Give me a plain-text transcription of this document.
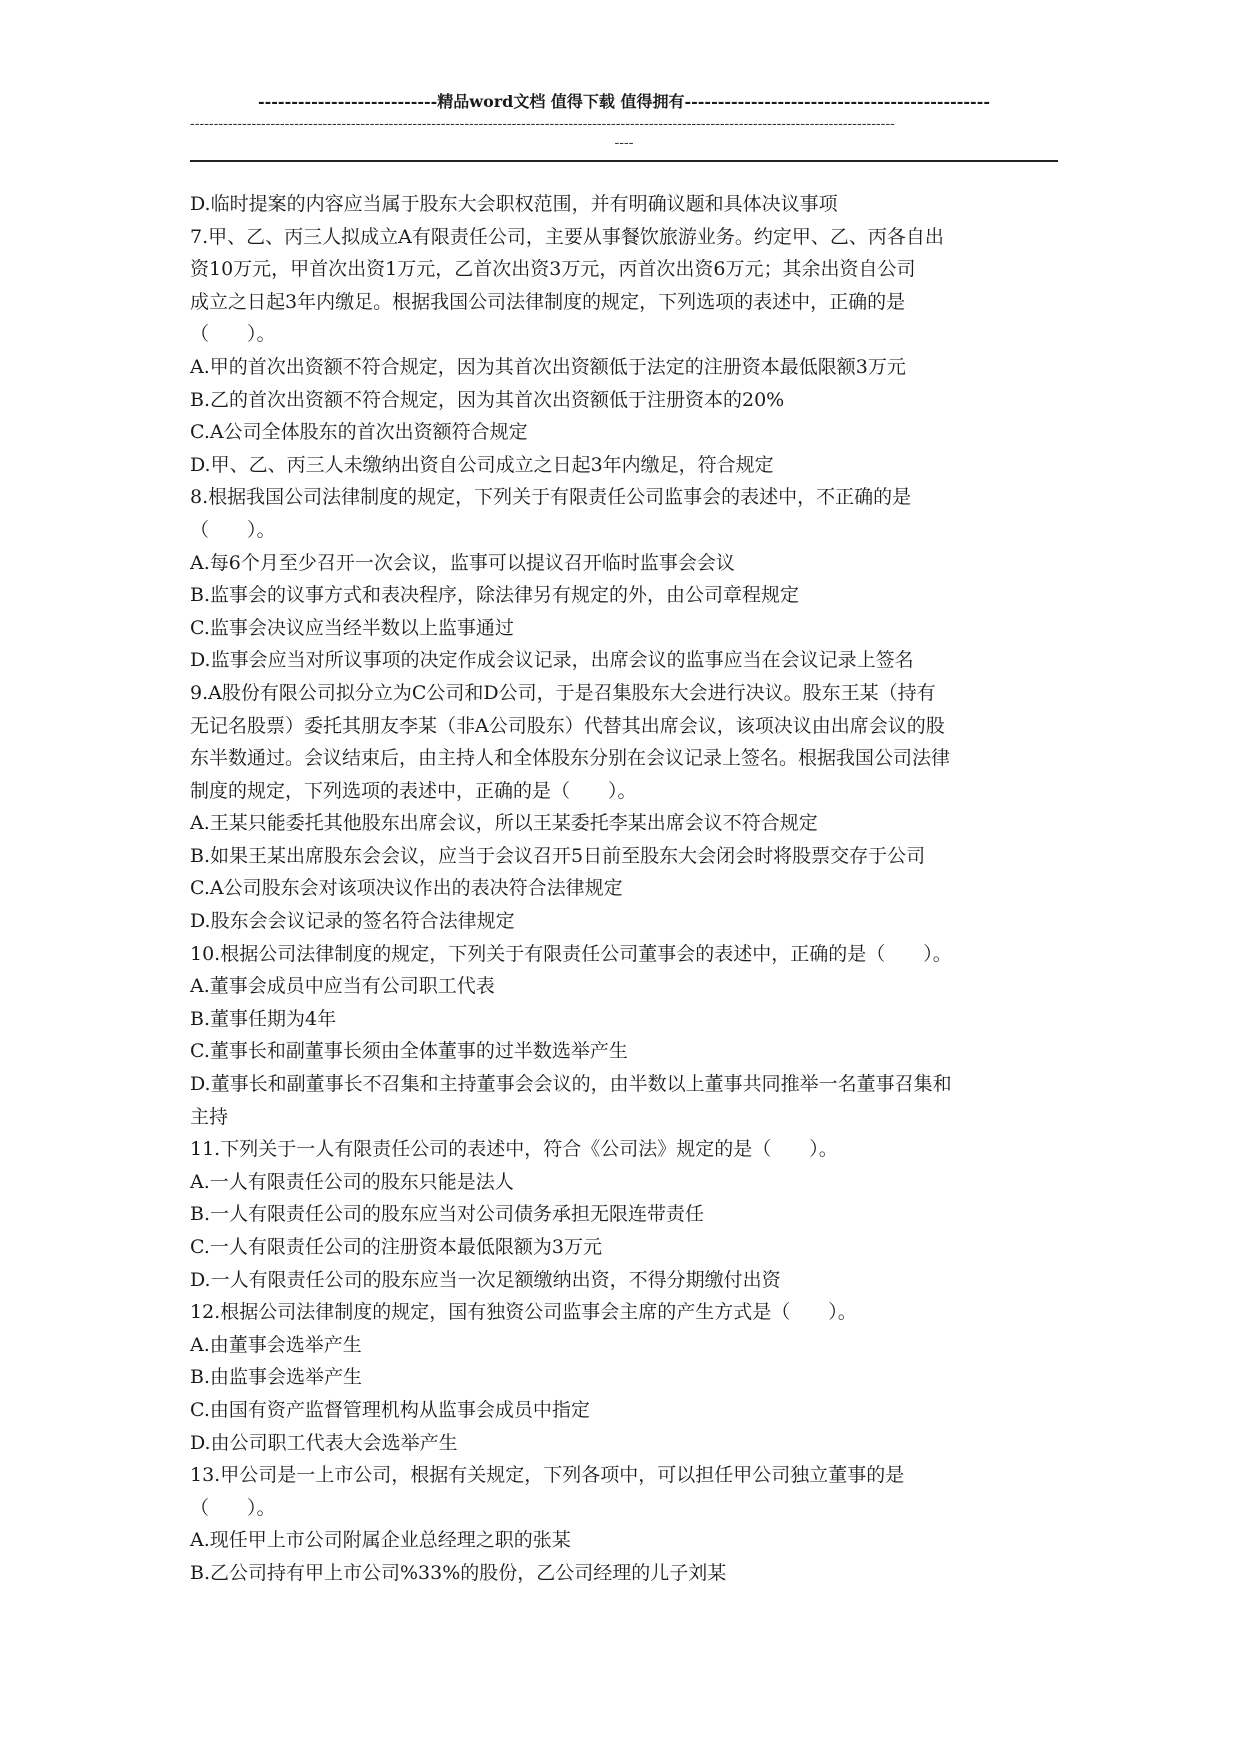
---------------------------精品word文档 值得下载 值得拥有----------------------------------------------
-----------------------------------------------------------------------------------------------------------------------------------------------------
----
D.临时提案的内容应当属于股东大会职权范围，并有明确议题和具体决议事项
7.甲、乙、丙三人拟成立A有限责任公司，主要从事餐饮旅游业务。约定甲、乙、丙各自出
资10万元，甲首次出资1万元，乙首次出资3万元，丙首次出资6万元；其余出资自公司
成立之日起3年内缴足。根据我国公司法律制度的规定，下列选项的表述中，正确的是
（　　）。
A.甲的首次出资额不符合规定，因为其首次出资额低于法定的注册资本最低限额3万元
B.乙的首次出资额不符合规定，因为其首次出资额低于注册资本的20%
C.A公司全体股东的首次出资额符合规定
D.甲、乙、丙三人未缴纳出资自公司成立之日起3年内缴足，符合规定
8.根据我国公司法律制度的规定，下列关于有限责任公司监事会的表述中，不正确的是
（　　）。
A.每6个月至少召开一次会议，监事可以提议召开临时监事会会议
B.监事会的议事方式和表决程序，除法律另有规定的外，由公司章程规定
C.监事会决议应当经半数以上监事通过
D.监事会应当对所议事项的决定作成会议记录，出席会议的监事应当在会议记录上签名
9.A股份有限公司拟分立为C公司和D公司，于是召集股东大会进行决议。股东王某（持有
无记名股票）委托其朋友李某（非A公司股东）代替其出席会议，该项决议由出席会议的股
东半数通过。会议结束后，由主持人和全体股东分别在会议记录上签名。根据我国公司法律
制度的规定，下列选项的表述中，正确的是（　　）。
A.王某只能委托其他股东出席会议，所以王某委托李某出席会议不符合规定
B.如果王某出席股东会会议，应当于会议召开5日前至股东大会闭会时将股票交存于公司
C.A公司股东会对该项决议作出的表决符合法律规定
D.股东会会议记录的签名符合法律规定
10.根据公司法律制度的规定，下列关于有限责任公司董事会的表述中，正确的是（　　）。
A.董事会成员中应当有公司职工代表
B.董事任期为4年
C.董事长和副董事长须由全体董事的过半数选举产生
D.董事长和副董事长不召集和主持董事会会议的，由半数以上董事共同推举一名董事召集和
主持
11.下列关于一人有限责任公司的表述中，符合《公司法》规定的是（　　）。
A.一人有限责任公司的股东只能是法人
B.一人有限责任公司的股东应当对公司债务承担无限连带责任
C.一人有限责任公司的注册资本最低限额为3万元
D.一人有限责任公司的股东应当一次足额缴纳出资，不得分期缴付出资
12.根据公司法律制度的规定，国有独资公司监事会主席的产生方式是（　　）。
A.由董事会选举产生
B.由监事会选举产生
C.由国有资产监督管理机构从监事会成员中指定
D.由公司职工代表大会选举产生
13.甲公司是一上市公司，根据有关规定，下列各项中，可以担任甲公司独立董事的是
（　　）。
A.现任甲上市公司附属企业总经理之职的张某
B.乙公司持有甲上市公司%33%的股份，乙公司经理的儿子刘某
